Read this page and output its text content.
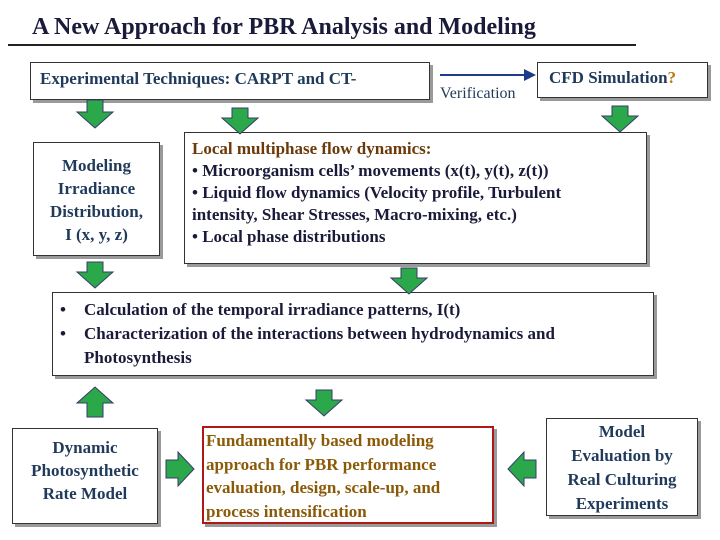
A New Approach for PBR Analysis and Modeling
Experimental Techniques: CARPT and CT-
Verification
CFD Simulation?
Modeling
Irradiance
Distribution,
I (x, y, z)
Local multiphase flow dynamics:
• Microorganism cells’ movements (x(t), y(t), z(t))
• Liquid flow dynamics (Velocity profile, Turbulent
intensity, Shear Stresses, Macro-mixing, etc.)
• Local phase distributions
•	Calculation of the temporal irradiance patterns, I(t)
•	Characterization of the interactions between hydrodynamics and Photosynthesis
Dynamic
Photosynthetic
Rate Model
Fundamentally based modeling
approach for PBR performance
evaluation, design, scale-up, and
process intensification
Model
Evaluation by
Real Culturing
Experiments
